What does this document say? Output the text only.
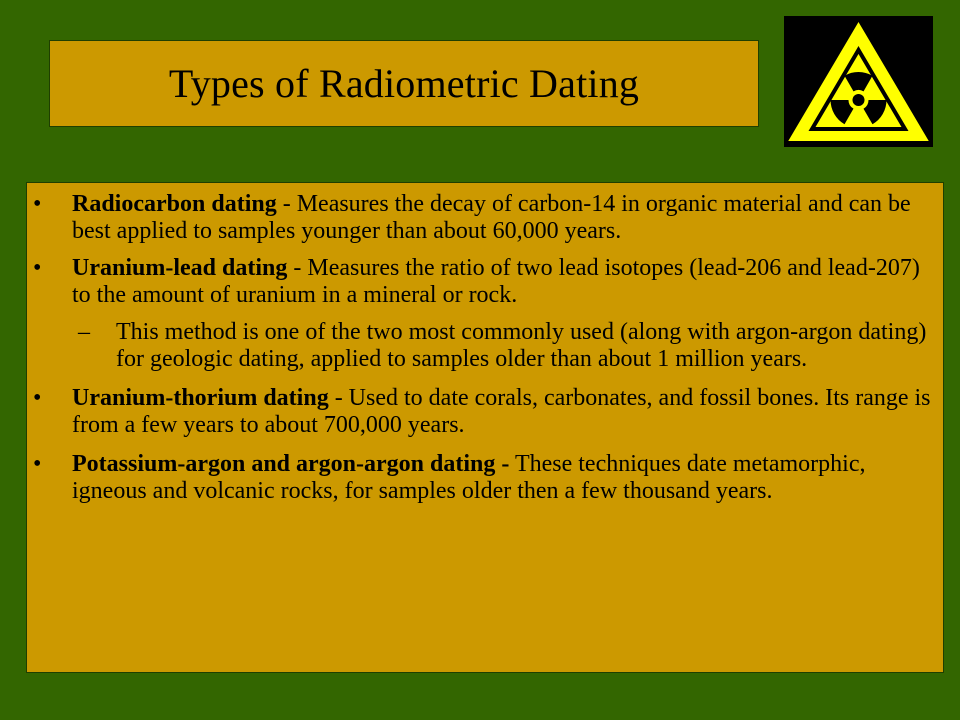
Types of Radiometric Dating
• Radiocarbon dating - Measures the decay of carbon-14 in organic material and can be best applied to samples younger than about 60,000 years.
• Uranium-lead dating - Measures the ratio of two lead isotopes (lead-206 and lead-207) to the amount of uranium in a mineral or rock.
– This method is one of the two most commonly used (along with argon-argon dating) for geologic dating, applied to samples older than about 1 million years.
• Uranium-thorium dating - Used to date corals, carbonates, and fossil bones. Its range is from a few years to about 700,000 years.
• Potassium-argon and argon-argon dating - These techniques date metamorphic, igneous and volcanic rocks, for samples older then a few thousand years.
